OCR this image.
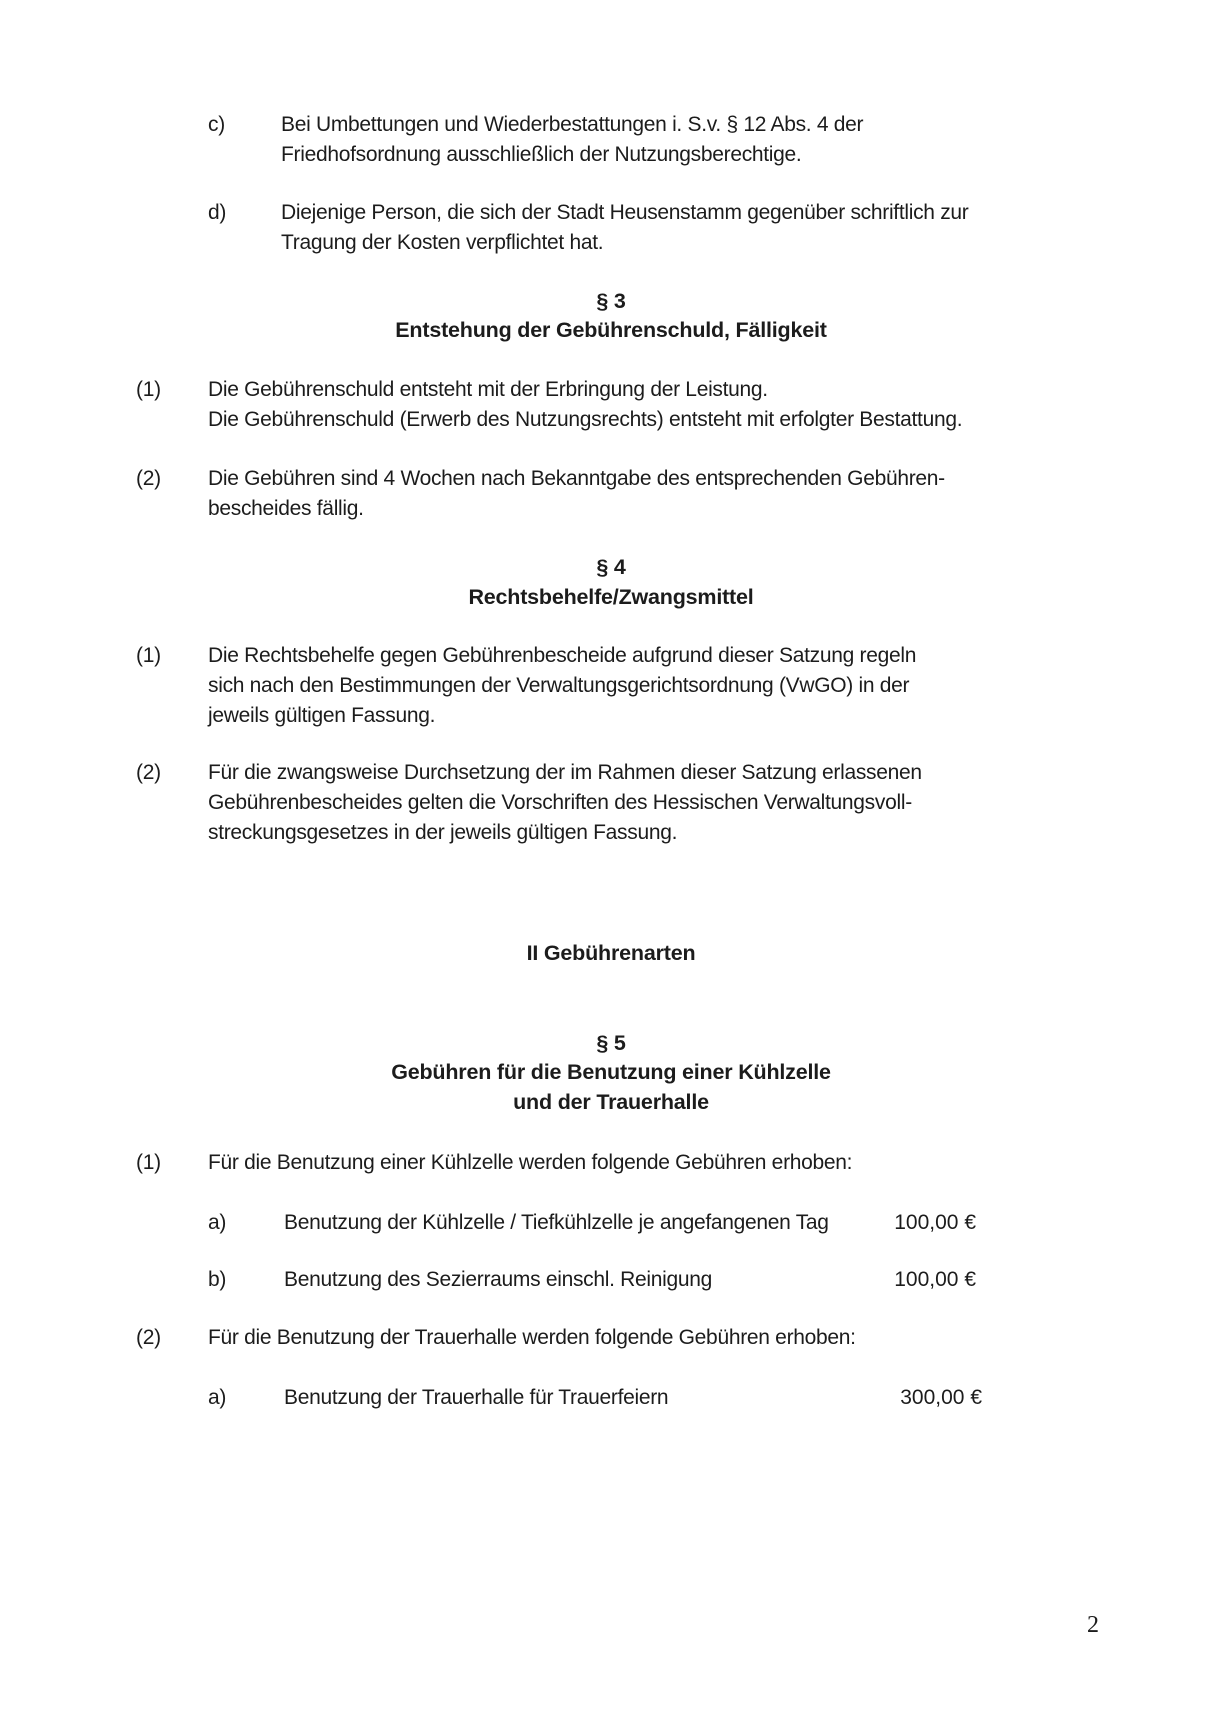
c)	Bei Umbettungen und Wiederbestattungen i. S.v. § 12 Abs. 4 der
Friedhofsordnung ausschließlich der Nutzungsberechtige.
d)	Diejenige Person, die sich der Stadt Heusenstamm gegenüber schriftlich zur
Tragung der Kosten verpflichtet hat.
§ 3
Entstehung der Gebührenschuld, Fälligkeit
(1) Die Gebührenschuld entsteht mit der Erbringung der Leistung.
Die Gebührenschuld (Erwerb des Nutzungsrechts) entsteht mit erfolgter Bestattung.
(2) Die Gebühren sind 4 Wochen nach Bekanntgabe des entsprechenden Gebühren-
bescheides fällig.
§ 4
Rechtsbehelfe/Zwangsmittel
(1) Die Rechtsbehelfe gegen Gebührenbescheide aufgrund dieser Satzung regeln
sich nach den Bestimmungen der Verwaltungsgerichtsordnung (VwGO) in der
jeweils gültigen Fassung.
(2) Für die zwangsweise Durchsetzung der im Rahmen dieser Satzung erlassenen
Gebührenbescheides gelten die Vorschriften des Hessischen Verwaltungsvoll-
streckungsgesetzes in der jeweils gültigen Fassung.
II Gebührenarten
§ 5
Gebühren für die Benutzung einer Kühlzelle
und der Trauerhalle
(1) Für die Benutzung einer Kühlzelle werden folgende Gebühren erhoben:
a)	Benutzung der Kühlzelle / Tiefkühlzelle je angefangenen Tag	100,00 €
b)	Benutzung des Sezierraums einschl. Reinigung	100,00 €
(2) Für die Benutzung der Trauerhalle werden folgende Gebühren erhoben:
a)	Benutzung der Trauerhalle für Trauerfeiern	300,00 €
2
